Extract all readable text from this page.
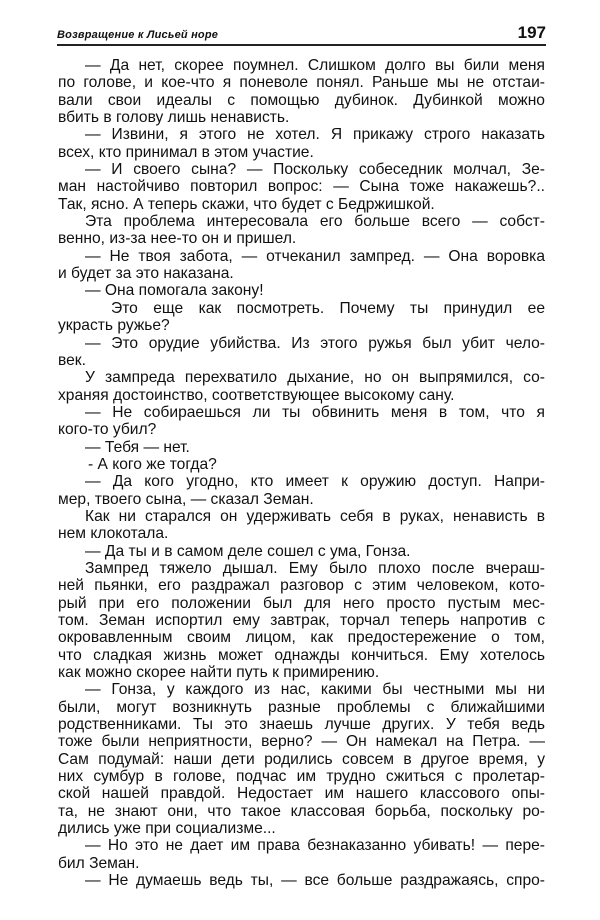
Возвращение к Лисьей норе	197
— Да нет, скорее поумнел. Слишком долго вы били меня
по голове, и кое-что я поневоле понял. Раньше мы не отстаи-
вали свои идеалы с помощью дубинок. Дубинкой можно
вбить в голову лишь ненависть.
— Извини, я этого не хотел. Я прикажу строго наказать
всех, кто принимал в этом участие.
— И своего сына? — Поскольку собеседник молчал, Зе-
ман настойчиво повторил вопрос: — Сына тоже накажешь?..
Так, ясно. А теперь скажи, что будет с Бедржишкой.
Эта проблема интересовала его больше всего — собст-
венно, из-за нее-то он и пришел.
— Не твоя забота, — отчеканил зампред. — Она воровка
и будет за это наказана.
— Она помогала закону!
Это еще как посмотреть. Почему ты принудил ее
украсть ружье?
— Это орудие убийства. Из этого ружья был убит чело-
век.
У зампреда перехватило дыхание, но он выпрямился, со-
храняя достоинство, соответствующее высокому сану.
— Не собираешься ли ты обвинить меня в том, что я
кого-то убил?
— Тебя — нет.
- А кого же тогда?
— Да кого угодно, кто имеет к оружию доступ. Напри-
мер, твоего сына, — сказал Земан.
Как ни старался он удерживать себя в руках, ненависть в
нем клокотала.
— Да ты и в самом деле сошел с ума, Гонза.
Зампред тяжело дышал. Ему было плохо после вчераш-
ней пьянки, его раздражал разговор с этим человеком, кото-
рый при его положении был для него просто пустым мес-
том. Земан испортил ему завтрак, торчал теперь напротив с
окровавленным своим лицом, как предостережение о том,
что сладкая жизнь может однажды кончиться. Ему хотелось
как можно скорее найти путь к примирению.
— Гонза, у каждого из нас, какими бы честными мы ни
были, могут возникнуть разные проблемы с ближайшими
родственниками. Ты это знаешь лучше других. У тебя ведь
тоже были неприятности, верно? — Он намекал на Петра. —
Сам подумай: наши дети родились совсем в другое время, у
них сумбур в голове, подчас им трудно сжиться с пролетар-
ской нашей правдой. Недостает им нашего классового опы-
та, не знают они, что такое классовая борьба, поскольку ро-
дились уже при социализме...
— Но это не дает им права безнаказанно убивать! — пере-
бил Земан.
— Не думаешь ведь ты, — все больше раздражаясь, спро-
